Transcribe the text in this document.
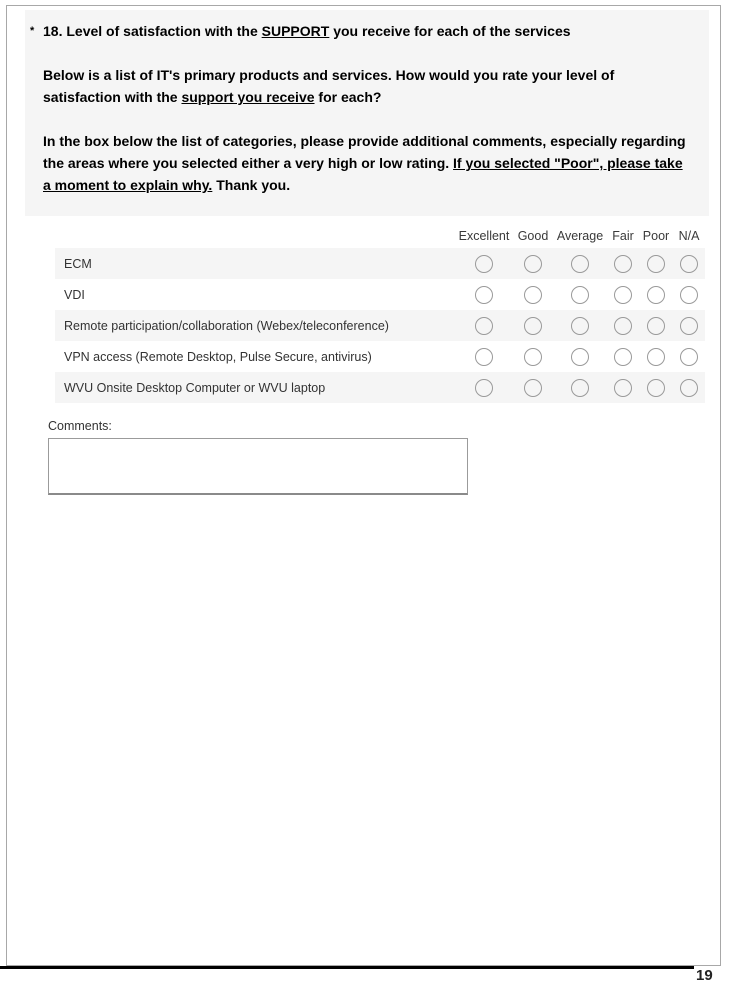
* 18. Level of satisfaction with the SUPPORT you receive for each of the services

Below is a list of IT's primary products and services. How would you rate your level of satisfaction with the support you receive for each?

In the box below the list of categories, please provide additional comments, especially regarding the areas where you selected either a very high or low rating. If you selected "Poor", please take a moment to explain why. Thank you.

Excellent Good Average Fair Poor N/A
ECM
VDI
Remote participation/collaboration (Webex/teleconference)
VPN access (Remote Desktop, Pulse Secure, antivirus)
WVU Onsite Desktop Computer or WVU laptop
Comments:
19
